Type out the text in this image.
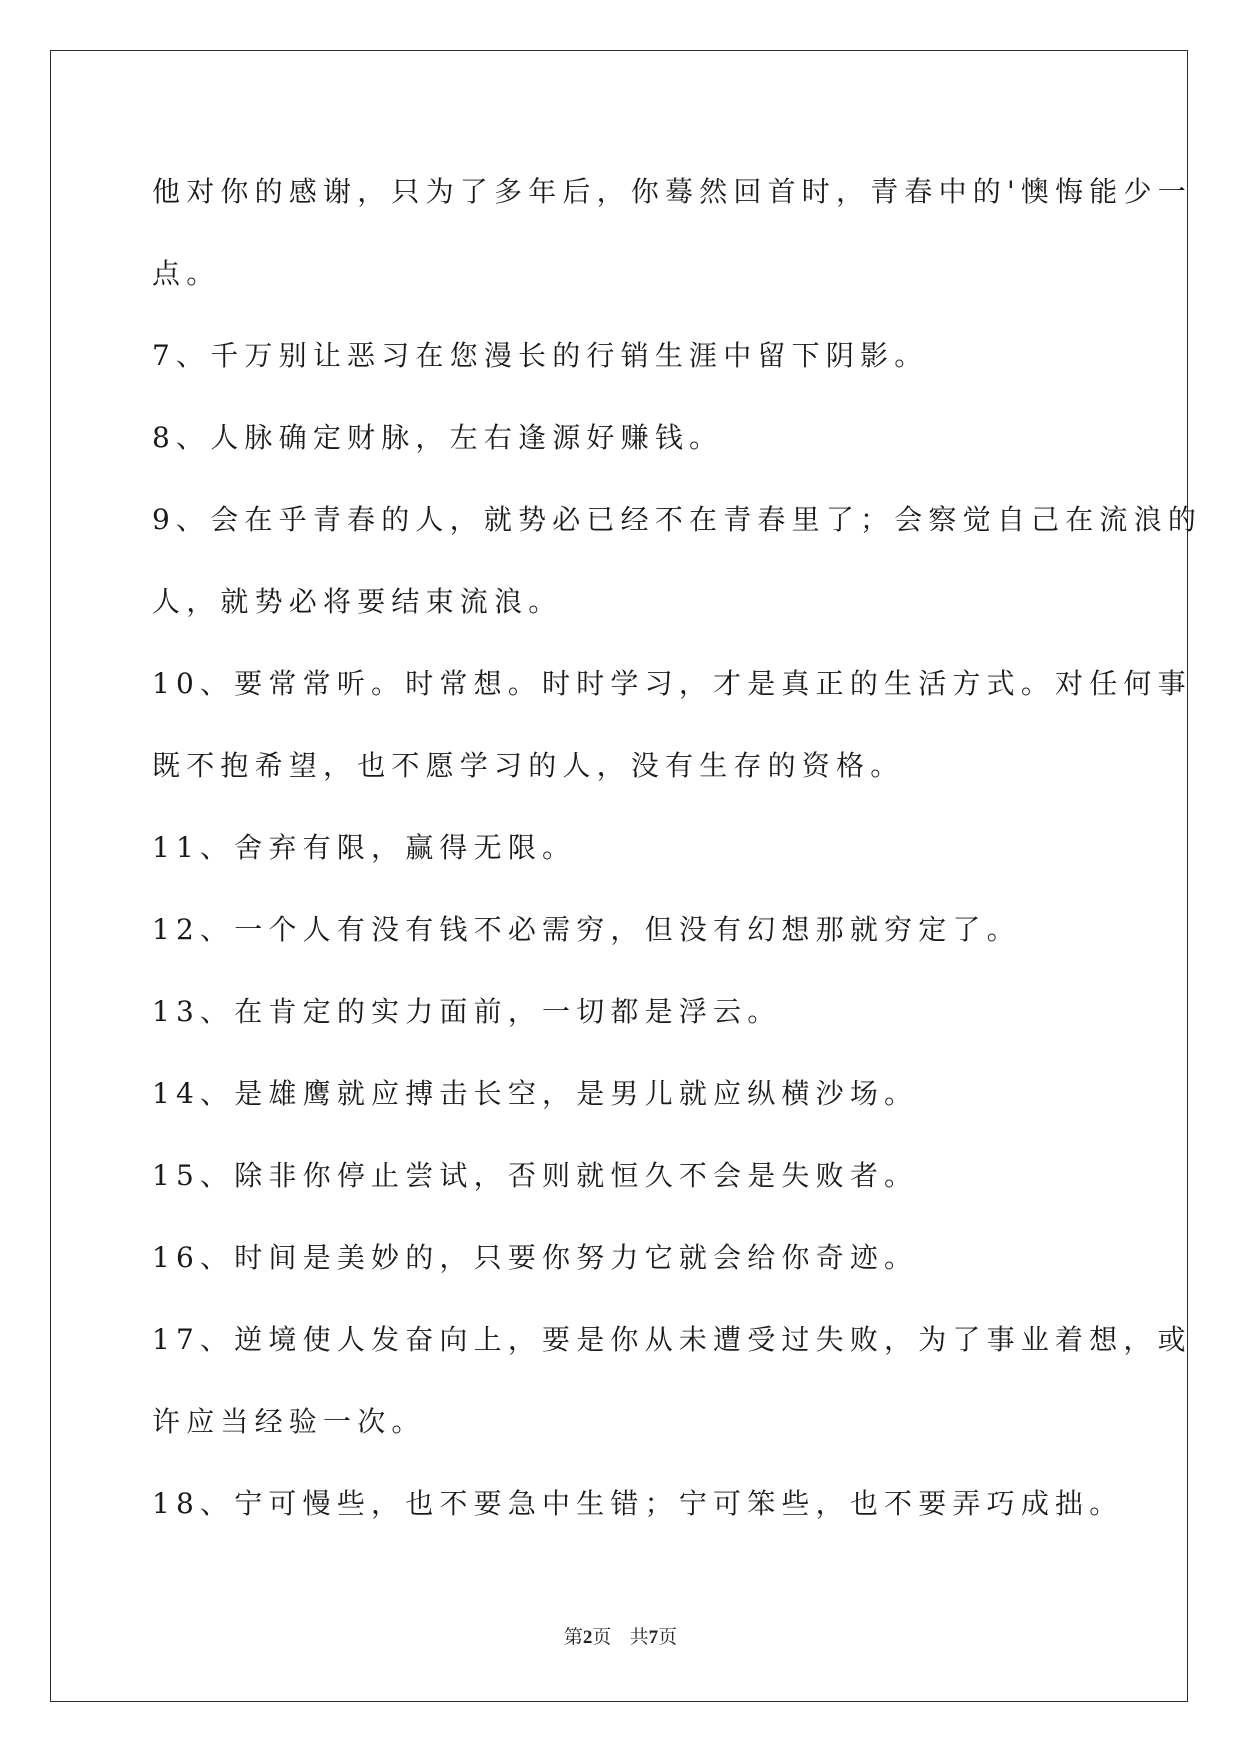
他对你的感谢，只为了多年后，你蓦然回首时，青春中的'懊悔能少一
点。
7、千万别让恶习在您漫长的行销生涯中留下阴影。
8、人脉确定财脉，左右逢源好赚钱。
9、会在乎青春的人，就势必已经不在青春里了；会察觉自己在流浪的
人，就势必将要结束流浪。
10、要常常听。时常想。时时学习，才是真正的生活方式。对任何事
既不抱希望，也不愿学习的人，没有生存的资格。
11、舍弃有限，赢得无限。
12、一个人有没有钱不必需穷，但没有幻想那就穷定了。
13、在肯定的实力面前，一切都是浮云。
14、是雄鹰就应搏击长空，是男儿就应纵横沙场。
15、除非你停止尝试，否则就恒久不会是失败者。
16、时间是美妙的，只要你努力它就会给你奇迹。
17、逆境使人发奋向上，要是你从未遭受过失败，为了事业着想，或
许应当经验一次。
18、宁可慢些，也不要急中生错；宁可笨些，也不要弄巧成拙。
第2页 共7页
